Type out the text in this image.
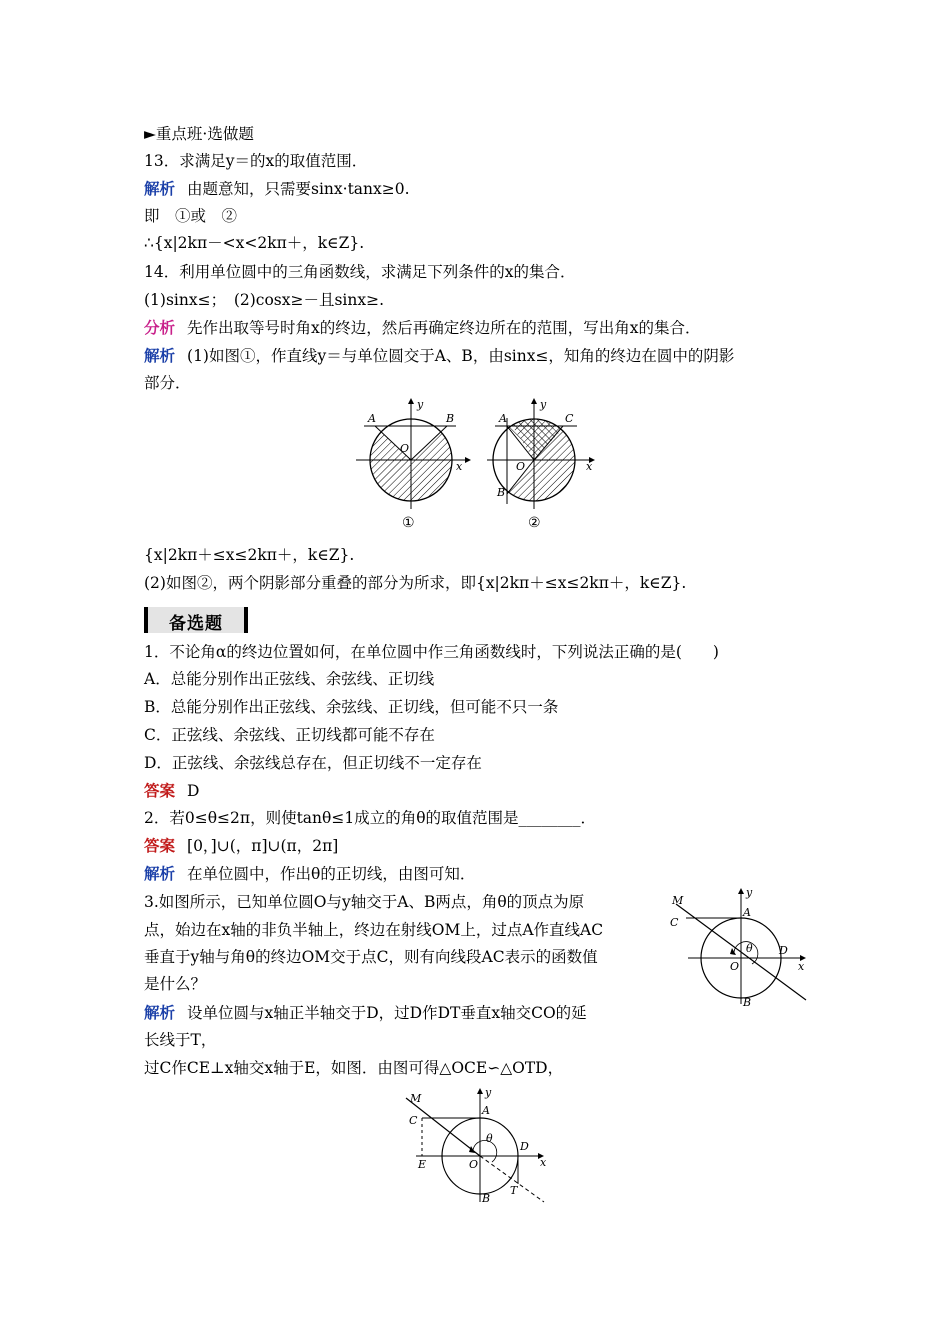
►重点班·选做题
13．求满足y＝的x的取值范围．
解析 由题意知，只需要sinx·tanx≥0.
即　①或　②
∴{x|2kπ－<x<2kπ＋，k∈Z}.
14．利用单位圆中的三角函数线，求满足下列条件的x的集合．
(1)sinx≤；　(2)cosx≥－且sinx≥.
分析 先作出取等号时角x的终边，然后再确定终边所在的范围，写出角x的集合．
解析 (1)如图①，作直线y＝与单位圆交于A、B，由sinx≤，知角的终边在圆中的阴影
部分．
A	B
y
x
O
①
A	C
y
x
O
B
②
{x|2kπ＋≤x≤2kπ＋，k∈Z}.
(2)如图②，两个阴影部分重叠的部分为所求，即{x|2kπ＋≤x≤2kπ＋，k∈Z}.
备选题
1．不论角α的终边位置如何，在单位圆中作三角函数线时，下列说法正确的是(　　)
A．总能分别作出正弦线、余弦线、正切线
B．总能分别作出正弦线、余弦线、正切线，但可能不只一条
C．正弦线、余弦线、正切线都可能不存在
D．正弦线、余弦线总存在，但正切线不一定存在
答案 D
2．若0≤θ≤2π，则使tanθ≤1成立的角θ的取值范围是________．
答案 [0，]∪(，π]∪(π，2π]
解析 在单位圆中，作出θ的正切线，由图可知．
3.如图所示，已知单位圆O与y轴交于A、B两点，角θ的顶点为原
点，始边在x轴的非负半轴上，终边在射线OM上，过点A作直线AC
垂直于y轴与角θ的终边OM交于点C，则有向线段AC表示的函数值
是什么？
解析 设单位圆与x轴正半轴交于D，过D作DT垂直x轴交CO的延
长线于T，
过C作CE⊥x轴交x轴于E，如图．由图可得△OCE∽△OTD，
M
C
A
y
θ D
x
O
B
M
C
A
y
θ
D
x
O
E
T
B
